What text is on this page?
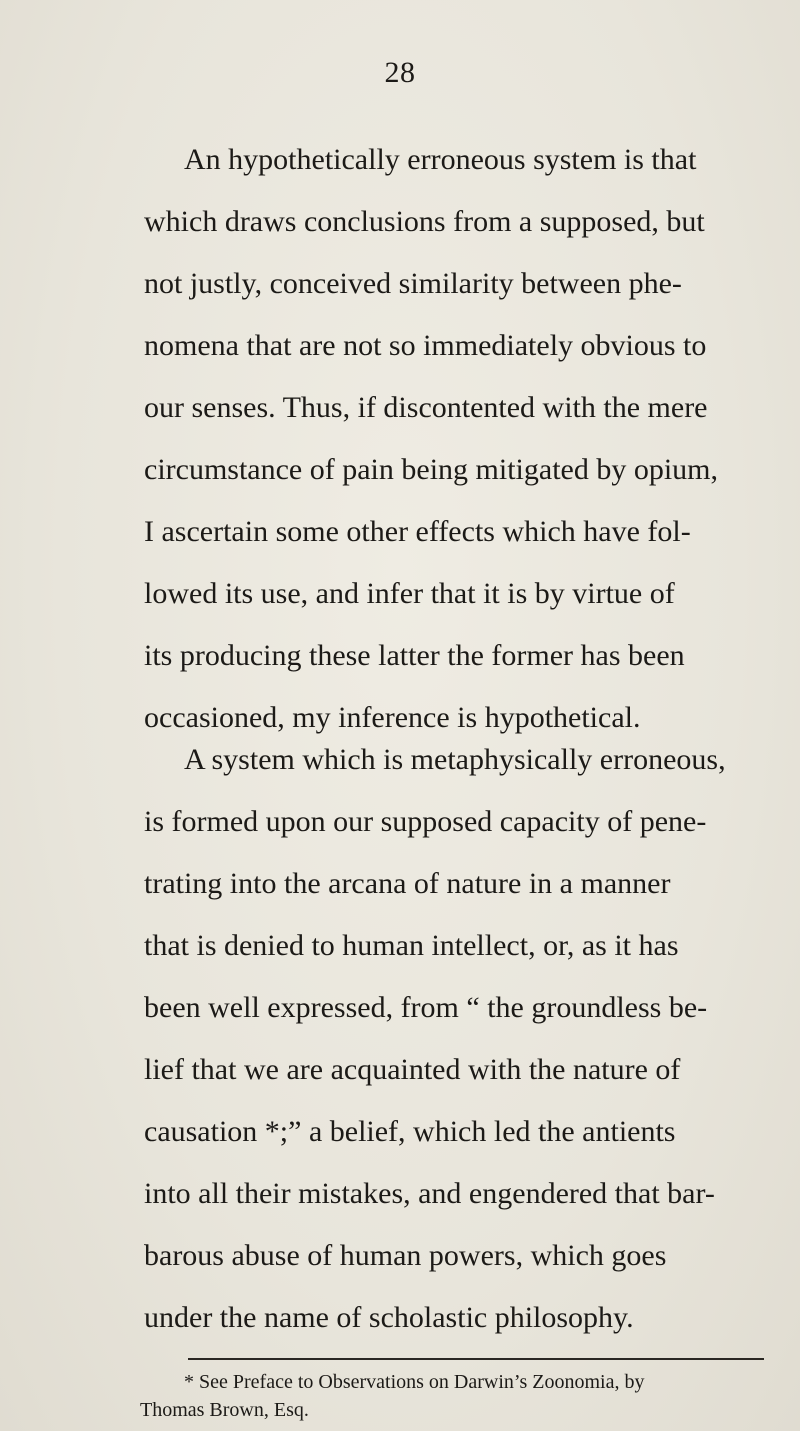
28
An hypothetically erroneous system is that
which draws conclusions from a supposed, but
not justly, conceived similarity between phe-
nomena that are not so immediately obvious to
our senses. Thus, if discontented with the mere
circumstance of pain being mitigated by opium,
I ascertain some other effects which have fol-
lowed its use, and infer that it is by virtue of
its producing these latter the former has been
occasioned, my inference is hypothetical.
A system which is metaphysically erroneous,
is formed upon our supposed capacity of pene-
trating into the arcana of nature in a manner
that is denied to human intellect, or, as it has
been well expressed, from “ the groundless be-
lief that we are acquainted with the nature of
causation *;” a belief, which led the antients
into all their mistakes, and engendered that bar-
barous abuse of human powers, which goes
under the name of scholastic philosophy.
* See Preface to Observations on Darwin’s Zoonomia, by
Thomas Brown, Esq.
